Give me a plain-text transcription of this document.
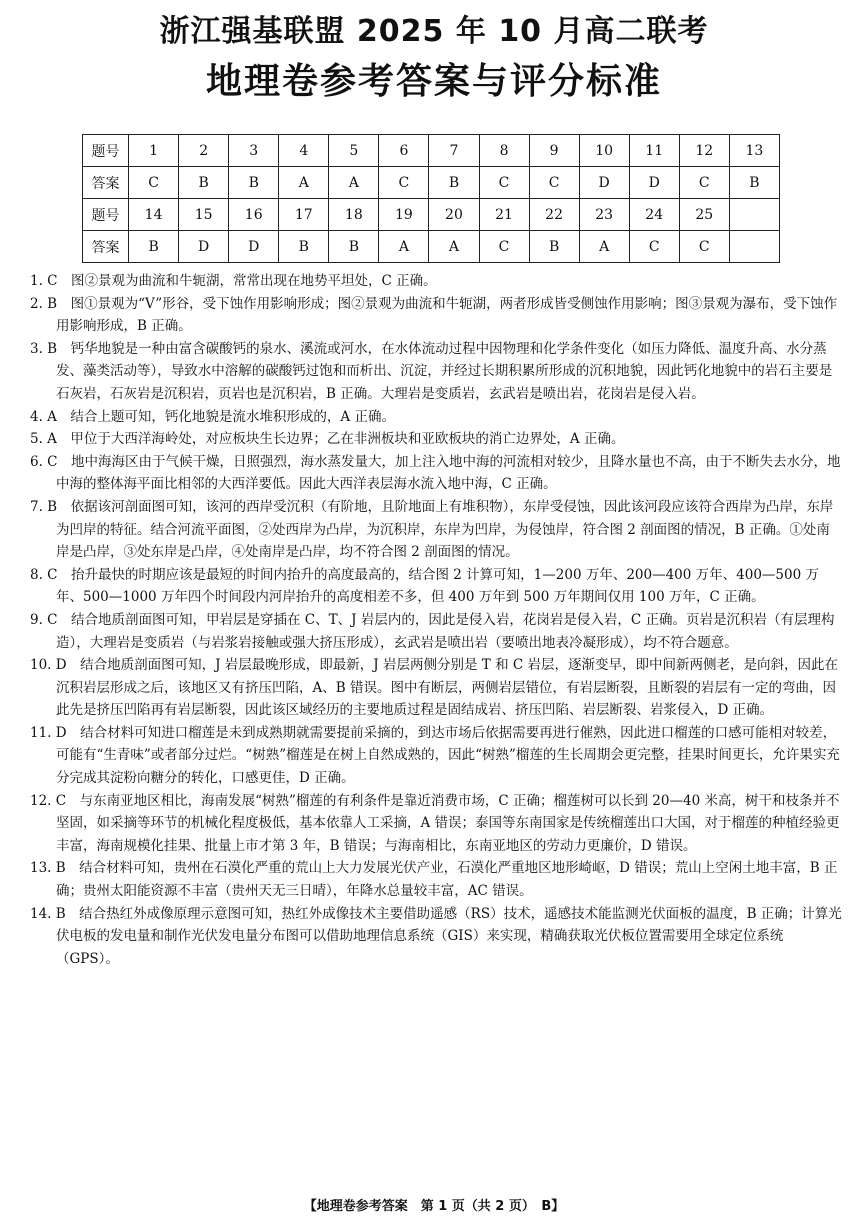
浙江强基联盟 2025 年 10 月高二联考
地理卷参考答案与评分标准
题号	1	2	3	4	5	6	7	8	9	10	11	12	13
答案	C	B	B	A	A	C	B	C	C	D	D	C	B
题号	14	15	16	17	18	19	20	21	22	23	24	25	
答案	B	D	D	B	B	A	A	C	B	A	C	C	

1. C　图②景观为曲流和牛轭湖，常常出现在地势平坦处，C 正确。

2. B　图①景观为“V”形谷，受下蚀作用影响形成；图②景观为曲流和牛轭湖，两者形成皆受侧蚀作用影响；图③景观为瀑布，受下蚀作用影响形成，B 正确。

3. B　钙华地貌是一种由富含碳酸钙的泉水、溪流或河水，在水体流动过程中因物理和化学条件变化（如压力降低、温度升高、水分蒸发、藻类活动等），导致水中溶解的碳酸钙过饱和而析出、沉淀，并经过长期积累所形成的沉积地貌，因此钙化地貌中的岩石主要是石灰岩，石灰岩是沉积岩，页岩也是沉积岩，B 正确。大理岩是变质岩，玄武岩是喷出岩，花岗岩是侵入岩。

4. A　结合上题可知，钙化地貌是流水堆积形成的，A 正确。

5. A　甲位于大西洋海岭处，对应板块生长边界；乙在非洲板块和亚欧板块的消亡边界处，A 正确。

6. C　地中海海区由于气候干燥，日照强烈，海水蒸发量大，加上注入地中海的河流相对较少，且降水量也不高，由于不断失去水分，地中海的整体海平面比相邻的大西洋要低。因此大西洋表层海水流入地中海，C 正确。

7. B　依据该河剖面图可知，该河的西岸受沉积（有阶地，且阶地面上有堆积物），东岸受侵蚀，因此该河段应该符合西岸为凸岸，东岸为凹岸的特征。结合河流平面图，②处西岸为凸岸，为沉积岸，东岸为凹岸，为侵蚀岸，符合图 2 剖面图的情况，B 正确。①处南岸是凸岸，③处东岸是凸岸，④处南岸是凸岸，均不符合图 2 剖面图的情况。

8. C　抬升最快的时期应该是最短的时间内抬升的高度最高的，结合图 2 计算可知，1—200 万年、200—400 万年、400—500 万年、500—1000 万年四个时间段内河岸抬升的高度相差不多，但 400 万年到 500 万年期间仅用 100 万年，C 正确。

9. C　结合地质剖面图可知，甲岩层是穿插在 C、T、J 岩层内的，因此是侵入岩，花岗岩是侵入岩，C 正确。页岩是沉积岩（有层理构造），大理岩是变质岩（与岩浆岩接触或强大挤压形成），玄武岩是喷出岩（要喷出地表冷凝形成），均不符合题意。

10. D　结合地质剖面图可知，J 岩层最晚形成，即最新，J 岩层两侧分别是 T 和 C 岩层，逐渐变早，即中间新两侧老，是向斜，因此在沉积岩层形成之后，该地区又有挤压凹陷，A、B 错误。图中有断层，两侧岩层错位，有岩层断裂，且断裂的岩层有一定的弯曲，因此先是挤压凹陷再有岩层断裂，因此该区域经历的主要地质过程是固结成岩、挤压凹陷、岩层断裂、岩浆侵入，D 正确。

11. D　结合材料可知进口榴莲是未到成熟期就需要提前采摘的，到达市场后依据需要再进行催熟，因此进口榴莲的口感可能相对较差，可能有“生青味”或者部分过烂。“树熟”榴莲是在树上自然成熟的，因此“树熟”榴莲的生长周期会更完整，挂果时间更长，允许果实充分完成其淀粉向糖分的转化，口感更佳，D 正确。

12. C　与东南亚地区相比，海南发展“树熟”榴莲的有利条件是靠近消费市场，C 正确；榴莲树可以长到 20—40 米高，树干和枝条并不坚固，如采摘等环节的机械化程度极低，基本依靠人工采摘，A 错误；泰国等东南国家是传统榴莲出口大国，对于榴莲的种植经验更丰富，海南规模化挂果、批量上市才第 3 年，B 错误；与海南相比，东南亚地区的劳动力更廉价，D 错误。

13. B　结合材料可知，贵州在石漠化严重的荒山上大力发展光伏产业，石漠化严重地区地形崎岖，D 错误；荒山上空闲土地丰富，B 正确；贵州太阳能资源不丰富（贵州天无三日晴），年降水总量较丰富，AC 错误。

14. B　结合热红外成像原理示意图可知，热红外成像技术主要借助遥感（RS）技术，遥感技术能监测光伏面板的温度，B 正确；计算光伏电板的发电量和制作光伏发电量分布图可以借助地理信息系统（GIS）来实现，精确获取光伏板位置需要用全球定位系统（GPS）。

【地理卷参考答案　第 1 页（共 2 页）　B】
